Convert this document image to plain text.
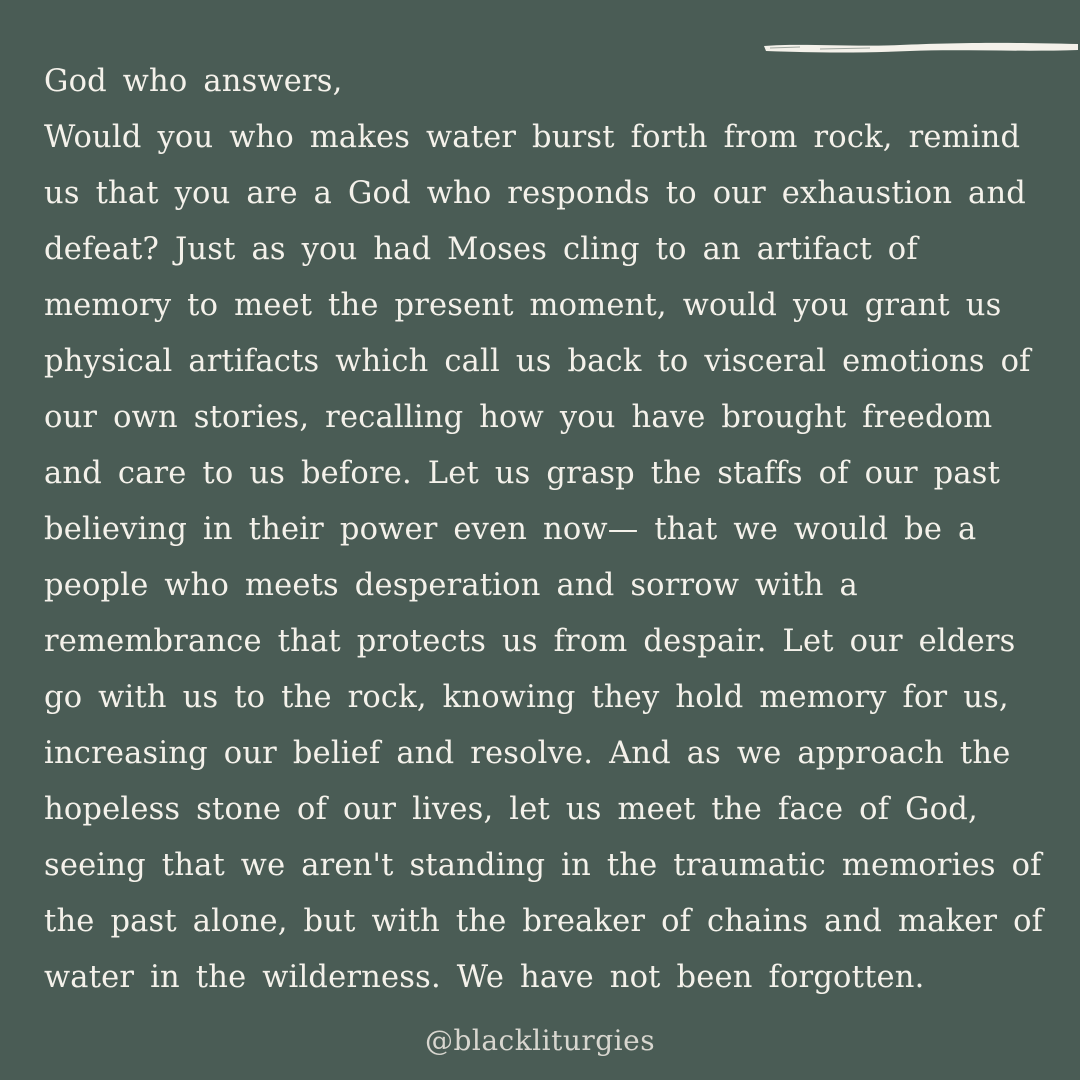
God who answers,
Would you who makes water burst forth from rock, remind
us that you are a God who responds to our exhaustion and
defeat? Just as you had Moses cling to an artifact of
memory to meet the present moment, would you grant us
physical artifacts which call us back to visceral emotions of
our own stories, recalling how you have brought freedom
and care to us before. Let us grasp the staffs of our past
believing in their power even now— that we would be a
people who meets desperation and sorrow with a
remembrance that protects us from despair. Let our elders
go with us to the rock, knowing they hold memory for us,
increasing our belief and resolve. And as we approach the
hopeless stone of our lives, let us meet the face of God,
seeing that we aren't standing in the traumatic memories of
the past alone, but with the breaker of chains and maker of
water in the wilderness. We have not been forgotten.
@blackliturgies
